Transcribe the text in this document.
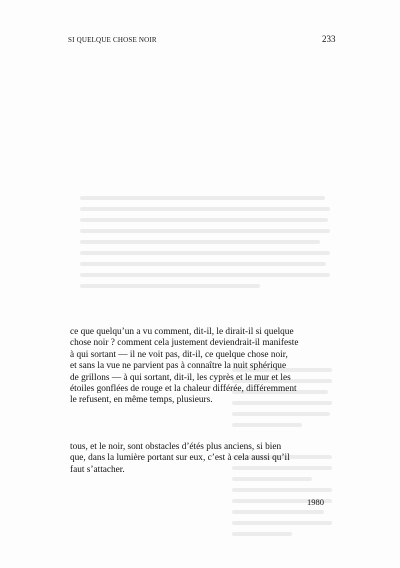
SI QUELQUE CHOSE NOIR	233

ce que quelqu’un a vu comment, dit-il, le dirait-il si quelque
chose noir ? comment cela justement deviendrait-il manifeste
à qui sortant — il ne voit pas, dit-il, ce quelque chose noir,
et sans la vue ne parvient pas à connaître la nuit sphérique
de grillons — à qui sortant, dit-il, les cyprès et le mur et les
étoiles gonflées de rouge et la chaleur différée, différemment
le refusent, en même temps, plusieurs.

tous, et le noir, sont obstacles d’étés plus anciens, si bien
que, dans la lumière portant sur eux, c’est à cela aussi qu’il
faut s’attacher.

1980
